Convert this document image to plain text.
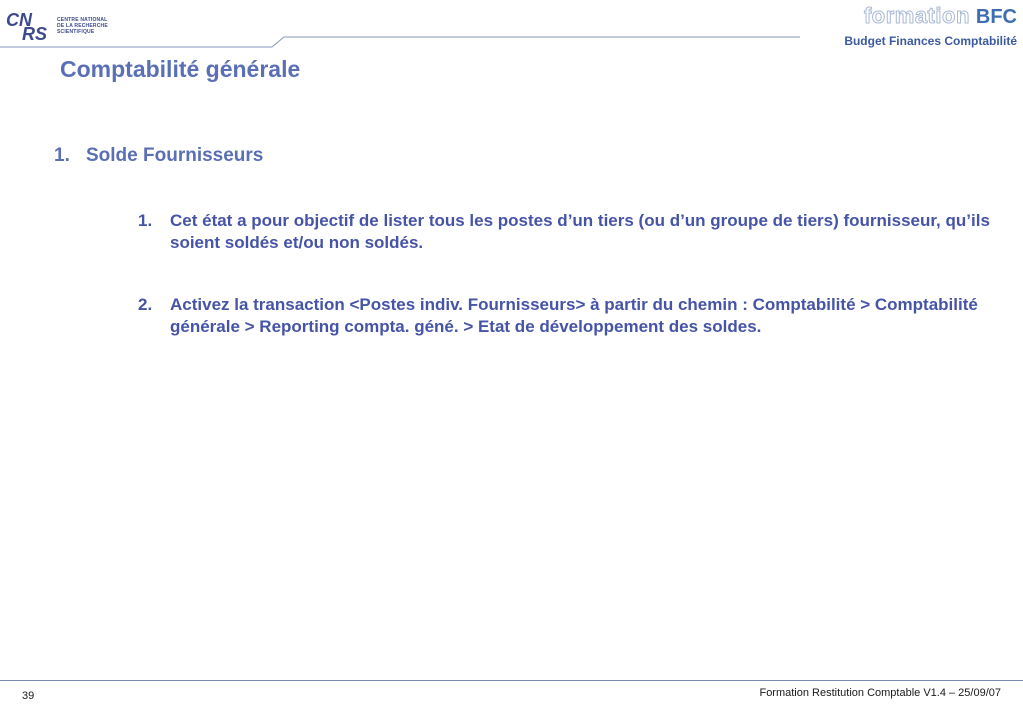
CN
RS
CENTRE NATIONAL
DE LA RECHERCHE
SCIENTIFIQUE
formation BFC
Budget Finances Comptabilité
Comptabilité générale
1. Solde Fournisseurs
1. Cet état a pour objectif de lister tous les postes d’un tiers (ou d’un groupe de tiers) fournisseur, qu’ils soient soldés et/ou non soldés.
2. Activez la transaction <Postes indiv. Fournisseurs> à partir du chemin : Comptabilité > Comptabilité générale > Reporting compta. géné. > Etat de développement des soldes.
39	Formation Restitution Comptable V1.4 – 25/09/07
